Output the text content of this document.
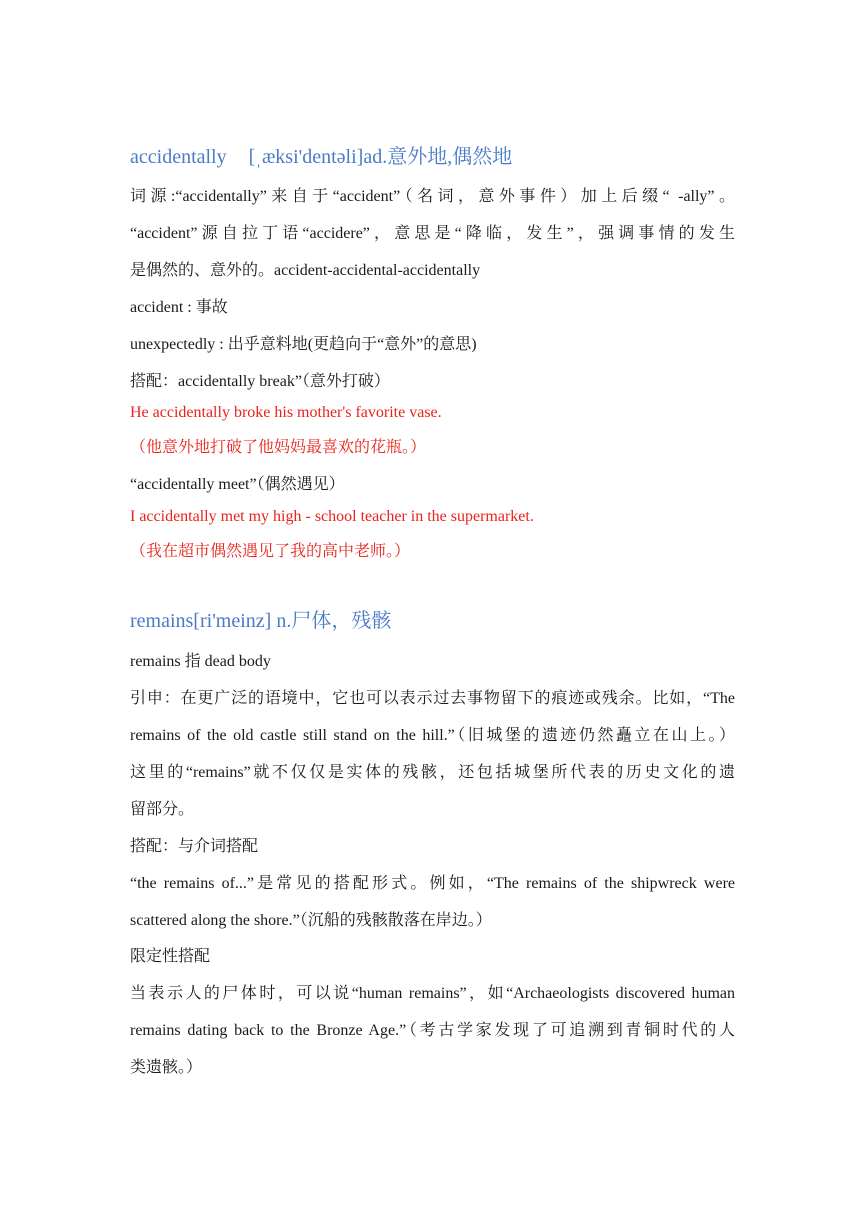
accidentally [ˌæksi'dentəli]ad.意外地,偶然地
词源:“accidentally”来自于“accident”（名词，意外事件）加上后缀“ -ally”。
“accident”源自拉丁语“accidere”，意思是“降临，发生”，强调事情的发生
是偶然的、意外的。accident-accidental-accidentally
accident : 事故
unexpectedly : 出乎意料地(更趋向于“意外”的意思)
搭配：accidentally break”（意外打破）
He accidentally broke his mother's favorite vase.
（他意外地打破了他妈妈最喜欢的花瓶。）
“accidentally meet”（偶然遇见）
I accidentally met my high - school teacher in the supermarket.
（我在超市偶然遇见了我的高中老师。）
remains[ri'meinz] n.尸体，残骸
remains 指 dead body
引申：在更广泛的语境中，它也可以表示过去事物留下的痕迹或残余。比如，“The
remains of the old castle still stand on the hill.”（旧城堡的遗迹仍然矗立在山上。）
这里的“remains”就不仅仅是实体的残骸，还包括城堡所代表的历史文化的遗
留部分。
搭配：与介词搭配
“the remains of...”是常见的搭配形式。例如，“The remains of the shipwreck were
scattered along the shore.”（沉船的残骸散落在岸边。）
限定性搭配
当表示人的尸体时，可以说“human remains”，如“Archaeologists discovered human
remains dating back to the Bronze Age.”（考古学家发现了可追溯到青铜时代的人
类遗骸。）
